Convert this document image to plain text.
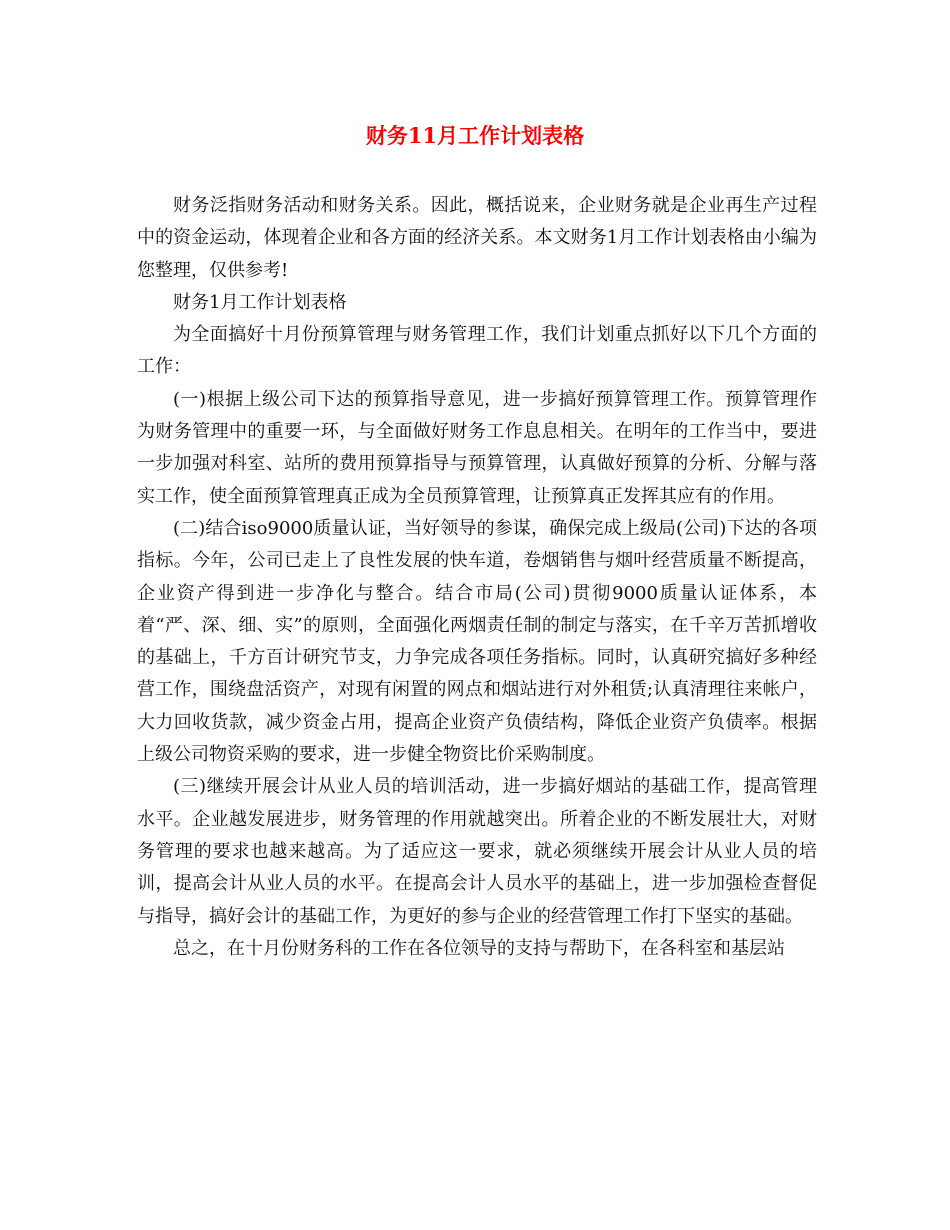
财务11月工作计划表格

财务泛指财务活动和财务关系。因此，概括说来，企业财务就是企业再生产过程中的资金运动，体现着企业和各方面的经济关系。本文财务1月工作计划表格由小编为您整理，仅供参考!

财务1月工作计划表格

为全面搞好十月份预算管理与财务管理工作，我们计划重点抓好以下几个方面的工作：

(一)根据上级公司下达的预算指导意见，进一步搞好预算管理工作。预算管理作为财务管理中的重要一环，与全面做好财务工作息息相关。在明年的工作当中，要进一步加强对科室、站所的费用预算指导与预算管理，认真做好预算的分析、分解与落实工作，使全面预算管理真正成为全员预算管理，让预算真正发挥其应有的作用。

(二)结合iso9000质量认证，当好领导的参谋，确保完成上级局(公司)下达的各项指标。今年，公司已走上了良性发展的快车道，卷烟销售与烟叶经营质量不断提高，企业资产得到进一步净化与整合。结合市局(公司)贯彻9000质量认证体系，本着“严、深、细、实”的原则，全面强化两烟责任制的制定与落实，在千辛万苦抓增收的基础上，千方百计研究节支，力争完成各项任务指标。同时，认真研究搞好多种经营工作，围绕盘活资产，对现有闲置的网点和烟站进行对外租赁;认真清理往来帐户，大力回收货款，减少资金占用，提高企业资产负债结构，降低企业资产负债率。根据上级公司物资采购的要求，进一步健全物资比价采购制度。

(三)继续开展会计从业人员的培训活动，进一步搞好烟站的基础工作，提高管理水平。企业越发展进步，财务管理的作用就越突出。所着企业的不断发展壮大，对财务管理的要求也越来越高。为了适应这一要求，就必须继续开展会计从业人员的培训，提高会计从业人员的水平。在提高会计人员水平的基础上，进一步加强检查督促与指导，搞好会计的基础工作，为更好的参与企业的经营管理工作打下坚实的基础。

总之，在十月份财务科的工作在各位领导的支持与帮助下，在各科室和基层站
